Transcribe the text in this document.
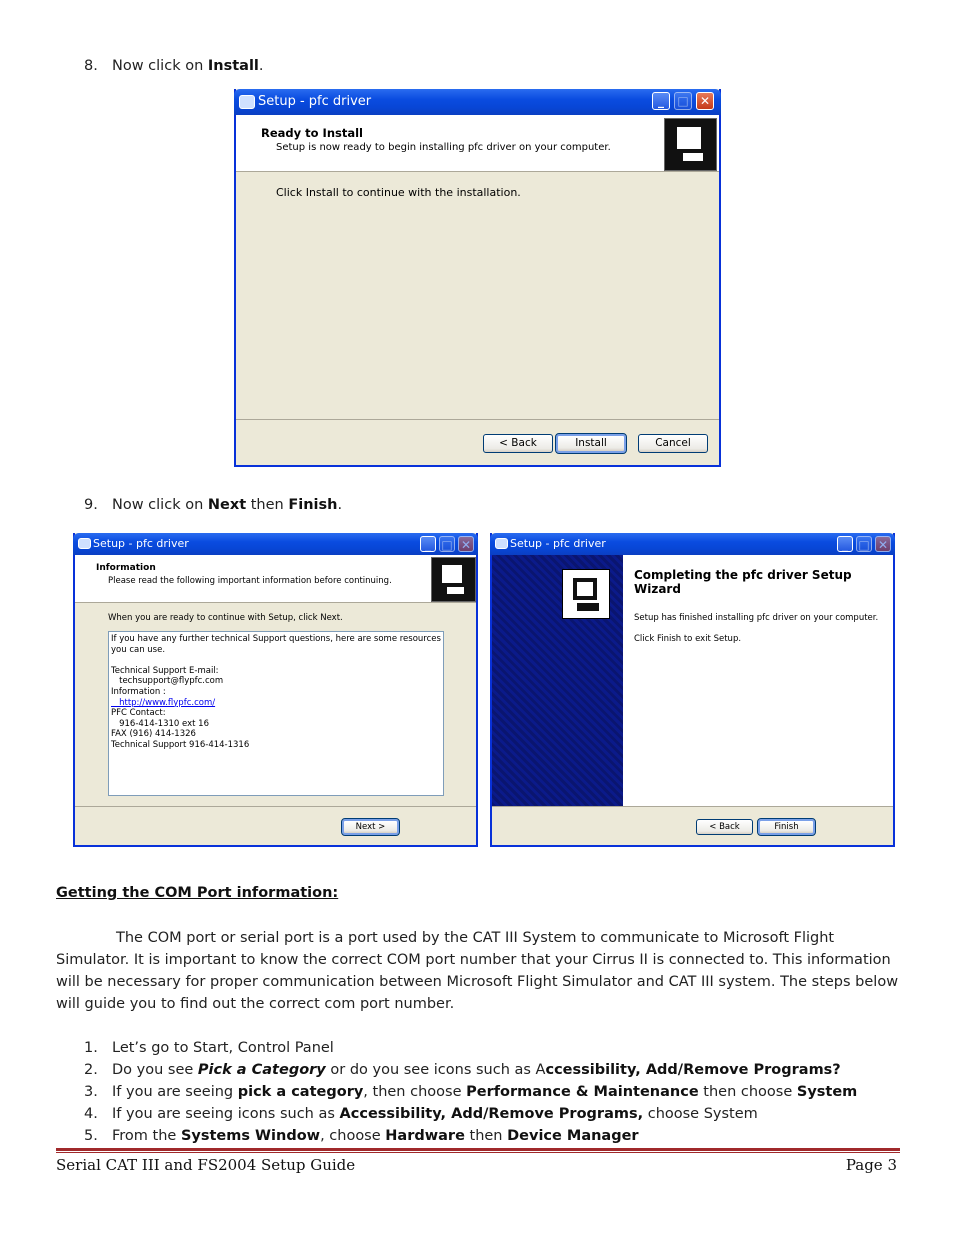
8. Now click on Install.
Setup - pfc driver	_	□ ✕
Ready to Install
Setup is now ready to begin installing pfc driver on your computer.
Click Install to continue with the installation.
< Back	Install	Cancel
9. Now click on Next then Finish.
Setup - pfc driver	_ □ ✕
Information
Please read the following important information before continuing.
When you are ready to continue with Setup, click Next.
If you have any further technical Support questions, here are some resources you can use.
Technical Support E-mail:
techsupport@flypfc.com
Information :
http://www.flypfc.com/
PFC Contact:
916-414-1310 ext 16
FAX (916) 414-1326
Technical Support 916-414-1316
Next >
Setup - pfc driver	_ □ ✕
Completing the pfc driver Setup Wizard
Setup has finished installing pfc driver on your computer.
Click Finish to exit Setup.
< Back	Finish
Getting the COM Port information:
The COM port or serial port is a port used by the CAT III System to communicate to Microsoft Flight Simulator. It is important to know the correct COM port number that your Cirrus II is connected to. This information will be necessary for proper communication between Microsoft Flight Simulator and CAT III system. The steps below will guide you to find out the correct com port number.
1. Let’s go to Start, Control Panel
2. Do you see Pick a Category or do you see icons such as Accessibility, Add/Remove Programs?
3. If you are seeing pick a category, then choose Performance & Maintenance then choose System
4. If you are seeing icons such as Accessibility, Add/Remove Programs, choose System
5. From the Systems Window, choose Hardware then Device Manager
Serial CAT III and FS2004 Setup Guide	Page 3
